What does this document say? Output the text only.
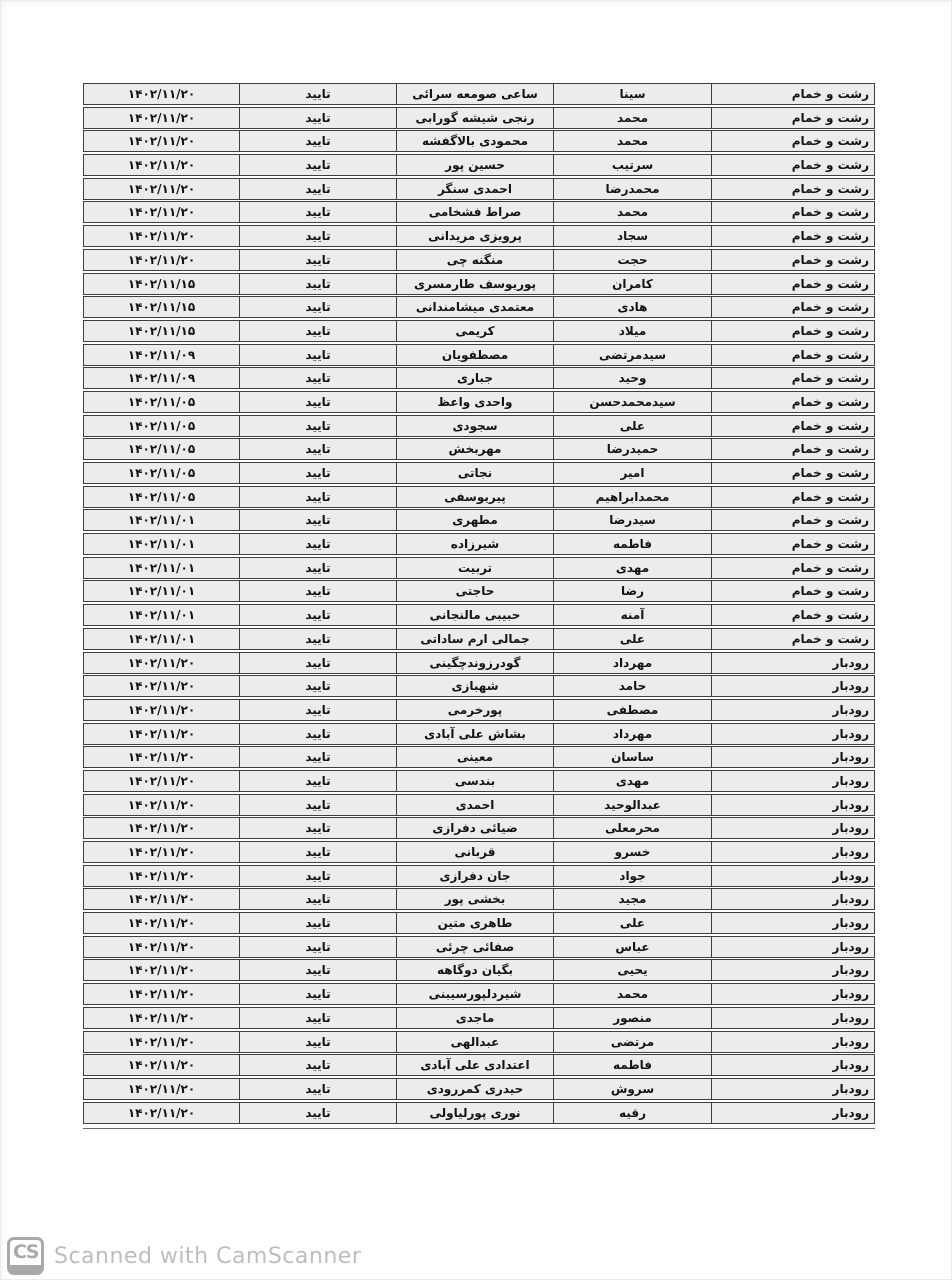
۱۴۰۲/۱۱/۲۰	تایید	ساعی صومعه سرائی	سینا	رشت و خمام
۱۴۰۲/۱۱/۲۰	تایید	رنجی شیشه گورابی	محمد	رشت و خمام
۱۴۰۲/۱۱/۲۰	تایید	محمودی بالاگفشه	محمد	رشت و خمام
۱۴۰۲/۱۱/۲۰	تایید	حسین پور	سرتیب	رشت و خمام
۱۴۰۲/۱۱/۲۰	تایید	احمدی سنگر	محمدرضا	رشت و خمام
۱۴۰۲/۱۱/۲۰	تایید	صراط فشخامی	محمد	رشت و خمام
۱۴۰۲/۱۱/۲۰	تایید	پرویزی مریدانی	سجاد	رشت و خمام
۱۴۰۲/۱۱/۲۰	تایید	منگنه چی	حجت	رشت و خمام
۱۴۰۲/۱۱/۱۵	تایید	پوریوسف طارمسری	کامران	رشت و خمام
۱۴۰۲/۱۱/۱۵	تایید	معتمدی میشامندانی	هادی	رشت و خمام
۱۴۰۲/۱۱/۱۵	تایید	کریمی	میلاد	رشت و خمام
۱۴۰۲/۱۱/۰۹	تایید	مصطفویان	سیدمرتضی	رشت و خمام
۱۴۰۲/۱۱/۰۹	تایید	جباری	وحید	رشت و خمام
۱۴۰۲/۱۱/۰۵	تایید	واحدی واعظ	سیدمحمدحسن	رشت و خمام
۱۴۰۲/۱۱/۰۵	تایید	سجودی	علی	رشت و خمام
۱۴۰۲/۱۱/۰۵	تایید	مهربخش	حمیدرضا	رشت و خمام
۱۴۰۲/۱۱/۰۵	تایید	نجاتی	امیر	رشت و خمام
۱۴۰۲/۱۱/۰۵	تایید	پیریوسفی	محمدابراهیم	رشت و خمام
۱۴۰۲/۱۱/۰۱	تایید	مطهری	سیدرضا	رشت و خمام
۱۴۰۲/۱۱/۰۱	تایید	شیرزاده	فاطمه	رشت و خمام
۱۴۰۲/۱۱/۰۱	تایید	تربیت	مهدی	رشت و خمام
۱۴۰۲/۱۱/۰۱	تایید	حاجتی	رضا	رشت و خمام
۱۴۰۲/۱۱/۰۱	تایید	حبیبی مالنجانی	آمنه	رشت و خمام
۱۴۰۲/۱۱/۰۱	تایید	جمالی ارم ساداتی	علی	رشت و خمام
۱۴۰۲/۱۱/۲۰	تایید	گودرزوندچگینی	مهرداد	رودبار
۱۴۰۲/۱۱/۲۰	تایید	شهبازی	حامد	رودبار
۱۴۰۲/۱۱/۲۰	تایید	پورخرمی	مصطفی	رودبار
۱۴۰۲/۱۱/۲۰	تایید	بشاش علی آبادی	مهرداد	رودبار
۱۴۰۲/۱۱/۲۰	تایید	معینی	ساسان	رودبار
۱۴۰۲/۱۱/۲۰	تایید	بندسی	مهدی	رودبار
۱۴۰۲/۱۱/۲۰	تایید	احمدی	عبدالوحید	رودبار
۱۴۰۲/۱۱/۲۰	تایید	ضیائی دفرازی	محرمعلی	رودبار
۱۴۰۲/۱۱/۲۰	تایید	قربانی	خسرو	رودبار
۱۴۰۲/۱۱/۲۰	تایید	جان دفرازی	جواد	رودبار
۱۴۰۲/۱۱/۲۰	تایید	بخشی پور	مجید	رودبار
۱۴۰۲/۱۱/۲۰	تایید	طاهری متین	علی	رودبار
۱۴۰۲/۱۱/۲۰	تایید	صفائی چرئی	عباس	رودبار
۱۴۰۲/۱۱/۲۰	تایید	بگیان دوگاهه	یحیی	رودبار
۱۴۰۲/۱۱/۲۰	تایید	شیردلپورسیبنی	محمد	رودبار
۱۴۰۲/۱۱/۲۰	تایید	ماجدی	منصور	رودبار
۱۴۰۲/۱۱/۲۰	تایید	عبدالهی	مرتضی	رودبار
۱۴۰۲/۱۱/۲۰	تایید	اعتدادی علی آبادی	فاطمه	رودبار
۱۴۰۲/۱۱/۲۰	تایید	حیدری کمررودی	سروش	رودبار
۱۴۰۲/۱۱/۲۰	تایید	نوری پورلیاولی	رقیه	رودبار
CS Scanned with CamScanner
